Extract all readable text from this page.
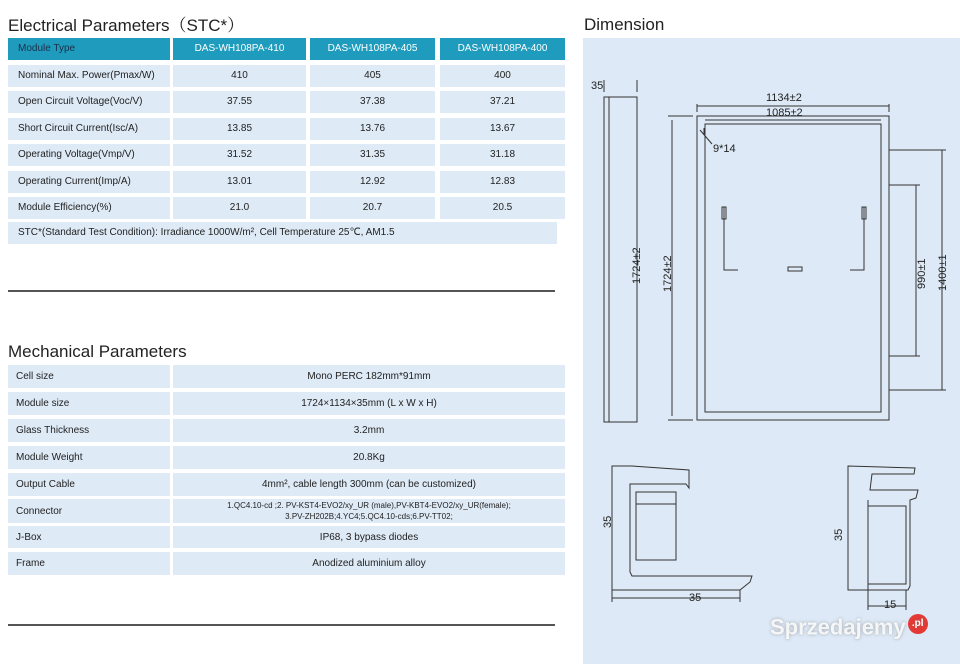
Electrical Parameters（STC*）
Module Type	DAS-WH108PA-410	DAS-WH108PA-405	DAS-WH108PA-400
Nominal Max. Power(Pmax/W)	410	405	400
Open Circuit Voltage(Voc/V)	37.55	37.38	37.21
Short Circuit Current(Isc/A)	13.85	13.76	13.67
Operating Voltage(Vmp/V)	31.52	31.35	31.18
Operating Current(Imp/A)	13.01	12.92	12.83
Module Efficiency(%)	21.0	20.7	20.5
STC*(Standard Test Condition): Irradiance 1000W/m², Cell Temperature 25℃, AM1.5
Mechanical Parameters
Cell size	Mono PERC 182mm*91mm
Module size	1724×1134×35mm (L x W x H)
Glass Thickness	3.2mm
Module Weight	20.8Kg
Output Cable	4mm², cable length 300mm (can be customized)
Connector	1.QC4.10-cd ;2. PV-KST4-EVO2/xy_UR (male),PV-KBT4-EVO2/xy_UR(female);
3.PV-ZH202B;4.YC4;5.QC4.10-cds;6.PV-TT02;
J-Box	IP68, 3 bypass diodes
Frame	Anodized aluminium alloy
Dimension
35
1134±2
1085±2
9*14
1724±2 1724±2	990±1 1400±1
35
35
35
15
Sprzedajemy .pl
